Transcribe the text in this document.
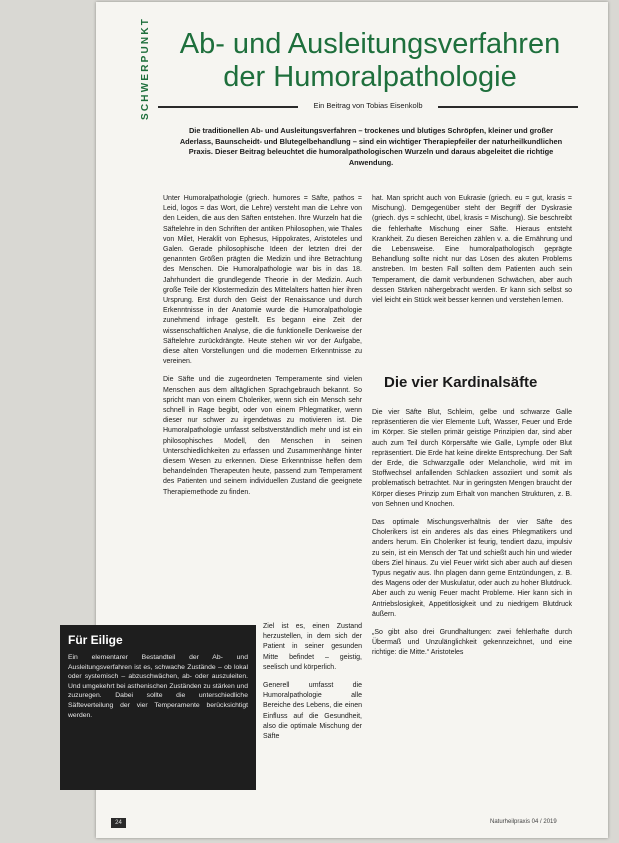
SCHWERPUNKT Ab- und Ausleitungsverfahren der Humoralpathologie
Ein Beitrag von Tobias Eisenkolb

Die traditionellen Ab- und Ausleitungsverfahren – trockenes und blutiges Schröpfen, kleiner und großer Aderlass, Baunscheidt- und Blutegelbehandlung – sind ein wichtiger Therapiepfeiler der naturheilkundlichen Praxis. Dieser Beitrag beleuchtet die humoralpathologischen Wurzeln und daraus abgeleitet die richtige Anwendung.

Unter Humoralpathologie (griech. humores = Säfte, pathos = Leid, logos = das Wort, die Lehre) versteht man die Lehre von den Leiden, die aus den Säften entstehen. Ihre Wurzeln hat die Säftelehre in den Schriften der antiken Philosophen, wie Thales von Milet, Heraklit von Ephesus, Hippokrates, Aristoteles und Galen. Gerade philosophische Ideen der letzten drei der genannten Größen prägten die Medizin und ihre Betrachtung des Menschen. Die Humoralpathologie war bis in das 18. Jahrhundert die grundlegende Theorie in der Medizin. Auch große Teile der Klostermedizin des Mittelalters hatten hier ihren Ursprung. Erst durch den Geist der Renaissance und durch Erkenntnisse in der Anatomie wurde die Humoralpathologie zunehmend infrage gestellt. Es begann eine Zeit der wissenschaftlichen Analyse, die die funktionelle Denkweise der Säftelehre zurückdrängte. Heute stehen wir vor der Aufgabe, diese alten Vorstellungen und die modernen Erkenntnisse zu vereinen.

Die Säfte und die zugeordneten Temperamente sind vielen Menschen aus dem alltäglichen Sprachgebrauch bekannt. So spricht man von einem Choleriker, wenn sich ein Mensch sehr schnell in Rage begibt, oder von einem Phlegmatiker, wenn dieser nur schwer zu irgendetwas zu motivieren ist. Die Humoralpathologie umfasst selbstverständlich mehr und ist ein philosophisches Modell, den Menschen in seinen Unterschiedlichkeiten zu erfassen und Zusammenhänge hinter diesem Wesen zu erkennen. Diese Erkenntnisse helfen dem behandelnden Therapeuten heute, passend zum Temperament des Patienten und seinem individuellen Zustand die geeignete Therapiemethode zu finden.

Ziel ist es, einen Zustand herzustellen, in dem sich der Patient in seiner gesunden Mitte befindet – geistig, seelisch und körperlich.

Generell umfasst die Humoralpathologie alle Bereiche des Lebens, die einen Einfluss auf die Gesundheit, also die optimale Mischung der Säfte

hat. Man spricht auch von Eukrasie (griech. eu = gut, krasis = Mischung). Demgegenüber steht der Begriff der Dyskrasie (griech. dys = schlecht, übel, krasis = Mischung). Sie beschreibt die fehlerhafte Mischung einer Säfte. Hieraus entsteht Krankheit. Zu diesen Bereichen zählen v. a. die Ernährung und die Lebensweise. Eine humoralpathologisch geprägte Behandlung sollte nicht nur das Lösen des akuten Problems anstreben. Im besten Fall sollten dem Patienten auch sein Temperament, die damit verbundenen Schwächen, aber auch dessen Stärken nähergebracht werden. Er kann sich selbst so viel leicht ein Stück weit besser kennen und verstehen lernen.

Die vier Kardinalsäfte

Die vier Säfte Blut, Schleim, gelbe und schwarze Galle repräsentieren die vier Elemente Luft, Wasser, Feuer und Erde im Körper. Sie stellen primär geistige Prinzipien dar, sind aber auch zum Teil durch Körpersäfte wie Galle, Lympfe oder Blut repräsentiert. Die Erde hat keine direkte Entsprechung. Der Saft der Erde, die Schwarzgalle oder Melancholie, wird mit im Stoffwechsel anfallenden Schlacken assoziiert und somit als problematisch betrachtet. Nur in geringsten Mengen braucht der Körper dieses Prinzip zum Erhalt von manchen Strukturen, z. B. von Sehnen und Knochen.

Das optimale Mischungsverhältnis der vier Säfte des Cholerikers ist ein anderes als das eines Phlegmatikers und anders herum. Ein Choleriker ist feurig, tendiert dazu, impulsiv zu sein, ist ein Mensch der Tat und schießt auch hin und wieder übers Ziel hinaus. Zu viel Feuer wirkt sich aber auch auf diesen Typus negativ aus. Ihn plagen dann gerne Entzündungen, z. B. des Magens oder der Muskulatur, oder auch zu hoher Blutdruck. Aber auch zu wenig Feuer macht Probleme. Hier kann sich in Antriebslosigkeit, Appetitlosigkeit und zu niedrigem Blutdruck äußern.

„So gibt also drei Grundhaltungen: zwei fehlerhafte durch Übermaß und Unzulänglichkeit gekennzeichnet, und eine richtige: die Mitte.“ Aristoteles

Für Eilige

Ein elementarer Bestandteil der Ab- und Ausleitungsverfahren ist es, schwache Zustände – ob lokal oder systemisch – abzuschwächen, ab- oder auszuleiten. Und umgekehrt bei asthenischen Zuständen zu stärken und zuzuregen. Dabei sollte die unterschiedliche Säfteverteilung der vier Temperamente berücksichtigt werden.

24	Naturheilpraxis 04 / 2019
